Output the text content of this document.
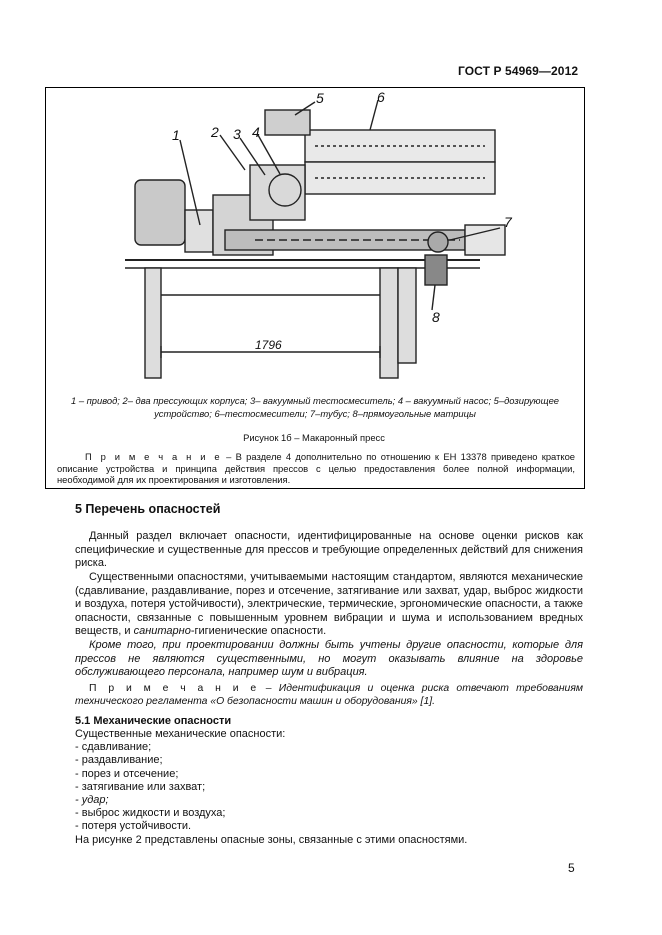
ГОСТ Р 54969—2012
1 2 3 4
5	6
7
8
1796
1 – привод; 2– два прессующих корпуса; 3– вакуумный тестосмеситель; 4 – вакуумный насос; 5–дозирующее
устройство; 6–тестосмесители; 7–тубус; 8–прямоугольные матрицы
Рисунок 1б – Макаронный пресс
П р и м е ч а н и е – В разделе 4 дополнительно по отношению к ЕН 13378 приведено краткое описание устройства и принципа действия прессов с целью предоставления более полной информации, необходимой для их проектирования и изготовления.
5 Перечень опасностей
Данный раздел включает опасности, идентифицированные на основе оценки рисков как специфические и существенные для прессов и требующие определенных действий для снижения риска.
Существенными опасностями, учитываемыми настоящим стандартом, являются механические (сдавливание, раздавливание, порез и отсечение, затягивание или захват, удар, выброс жидкости и воздуха, потеря устойчивости), электрические, термические, эргономические опасности, а также опасности, связанные с повышенным уровнем вибрации и шума и использованием вредных веществ, и санитарно-гигиенические опасности.
Кроме того, при проектировании должны быть учтены другие опасности, которые для прессов не являются существенными, но могут оказывать влияние на здоровье обслуживающего персонала, например шум и вибрация.
П р и м е ч а н и е – Идентификация и оценка риска отвечают требованиям технического регламента «О безопасности машин и оборудования» [1].
5.1 Механические опасности
Существенные механические опасности:
- сдавливание;
- раздавливание;
- порез и отсечение;
- затягивание или захват;
- удар;
- выброс жидкости и воздуха;
- потеря устойчивости.
На рисунке 2 представлены опасные зоны, связанные с этими опасностями.
5
